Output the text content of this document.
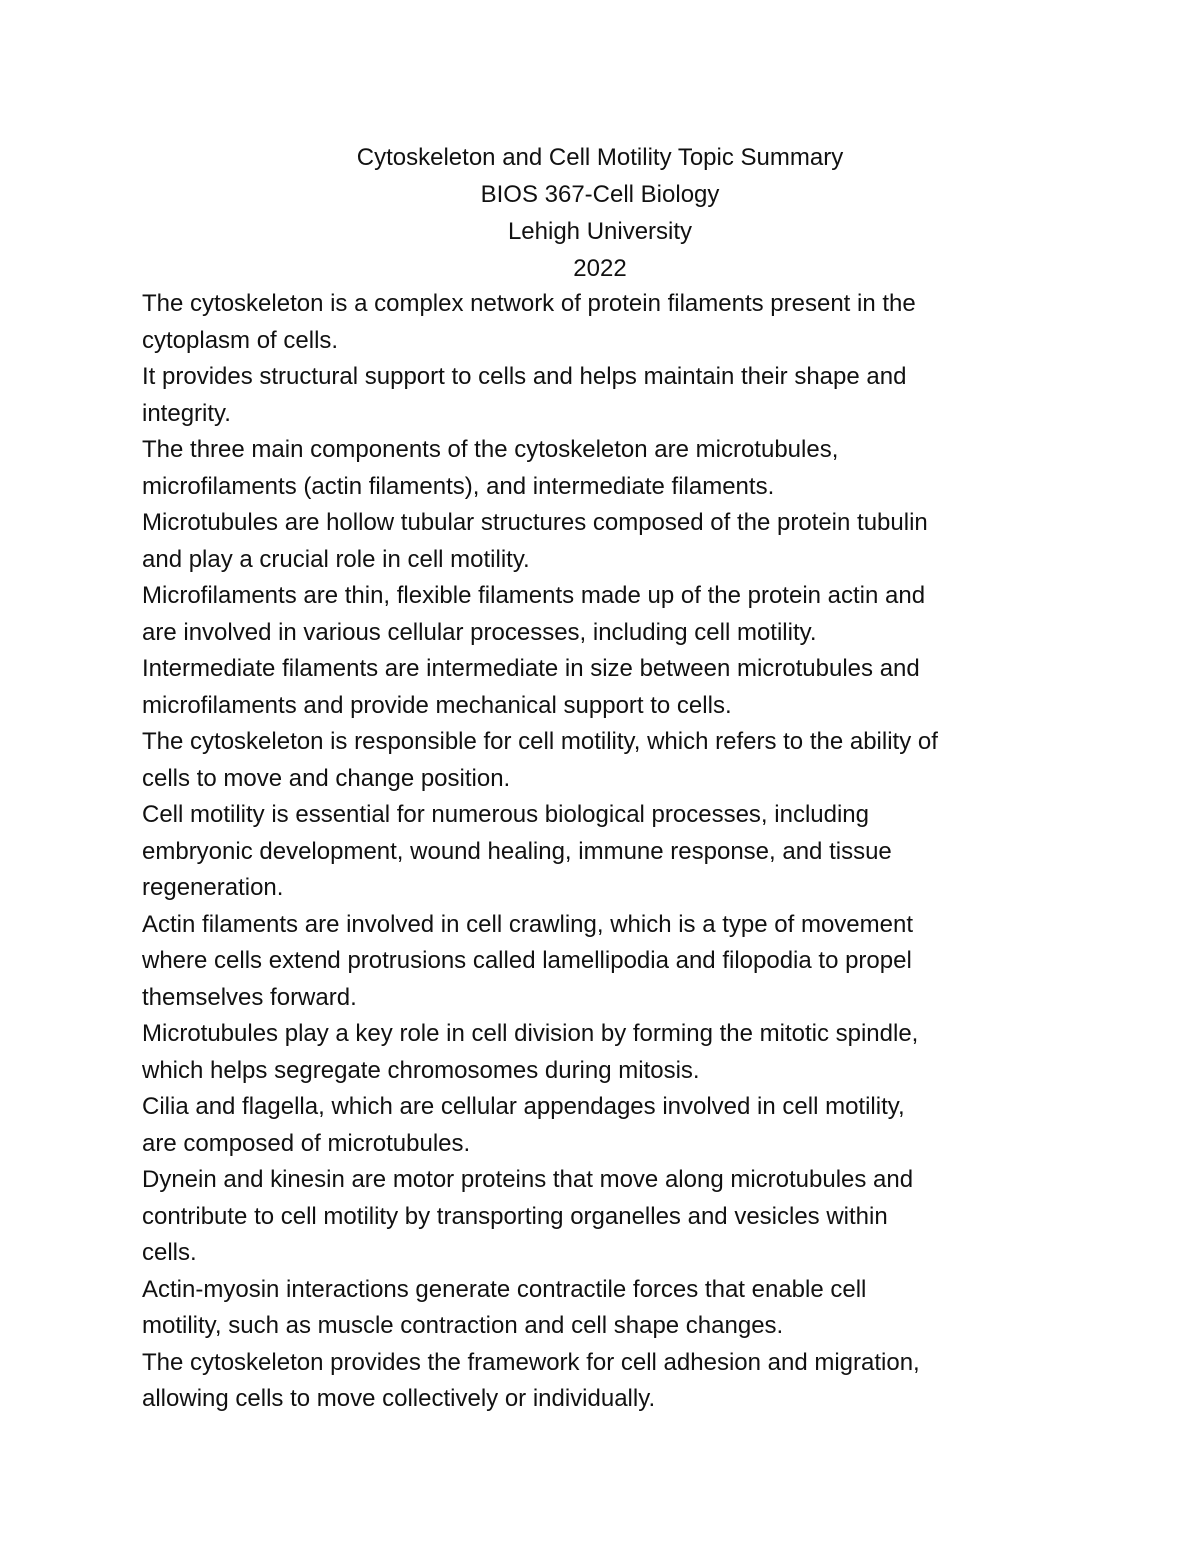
Cytoskeleton and Cell Motility Topic Summary
BIOS 367-Cell Biology
Lehigh University
2022
The cytoskeleton is a complex network of protein filaments present in the
cytoplasm of cells.
It provides structural support to cells and helps maintain their shape and
integrity.
The three main components of the cytoskeleton are microtubules,
microfilaments (actin filaments), and intermediate filaments.
Microtubules are hollow tubular structures composed of the protein tubulin
and play a crucial role in cell motility.
Microfilaments are thin, flexible filaments made up of the protein actin and
are involved in various cellular processes, including cell motility.
Intermediate filaments are intermediate in size between microtubules and
microfilaments and provide mechanical support to cells.
The cytoskeleton is responsible for cell motility, which refers to the ability of
cells to move and change position.
Cell motility is essential for numerous biological processes, including
embryonic development, wound healing, immune response, and tissue
regeneration.
Actin filaments are involved in cell crawling, which is a type of movement
where cells extend protrusions called lamellipodia and filopodia to propel
themselves forward.
Microtubules play a key role in cell division by forming the mitotic spindle,
which helps segregate chromosomes during mitosis.
Cilia and flagella, which are cellular appendages involved in cell motility,
are composed of microtubules.
Dynein and kinesin are motor proteins that move along microtubules and
contribute to cell motility by transporting organelles and vesicles within
cells.
Actin-myosin interactions generate contractile forces that enable cell
motility, such as muscle contraction and cell shape changes.
The cytoskeleton provides the framework for cell adhesion and migration,
allowing cells to move collectively or individually.
